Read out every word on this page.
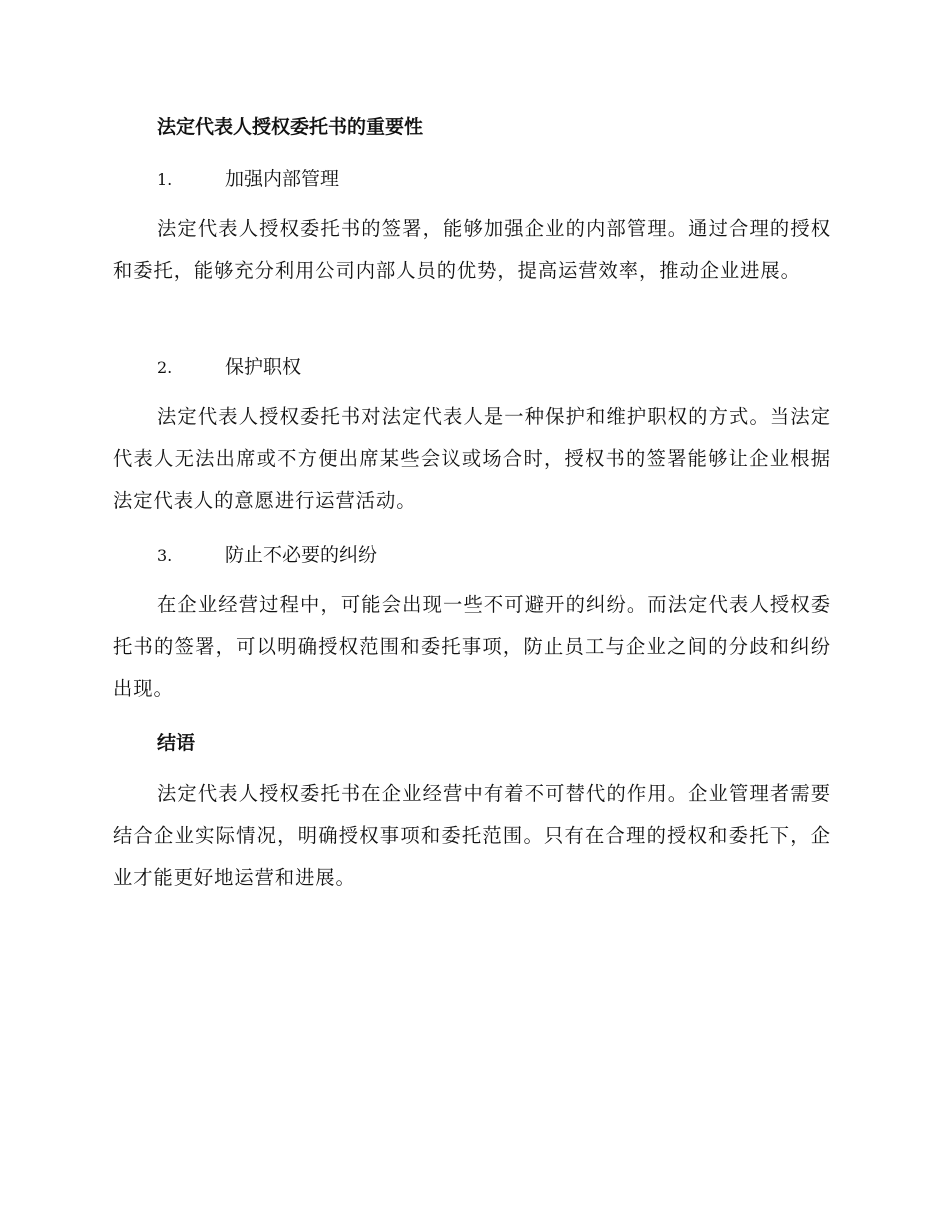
法定代表人授权委托书的重要性
1.	加强内部管理

法定代表人授权委托书的签署，能够加强企业的内部管理。通过合理的授权和委托，能够充分利用公司内部人员的优势，提高运营效率，推动企业进展。

2.	保护职权

法定代表人授权委托书对法定代表人是一种保护和维护职权的方式。当法定代表人无法出席或不方便出席某些会议或场合时，授权书的签署能够让企业根据法定代表人的意愿进行运营活动。

3.	防止不必要的纠纷

在企业经营过程中，可能会出现一些不可避开的纠纷。而法定代表人授权委托书的签署，可以明确授权范围和委托事项，防止员工与企业之间的分歧和纠纷出现。

结语

法定代表人授权委托书在企业经营中有着不可替代的作用。企业管理者需要结合企业实际情况，明确授权事项和委托范围。只有在合理的授权和委托下，企业才能更好地运营和进展。
